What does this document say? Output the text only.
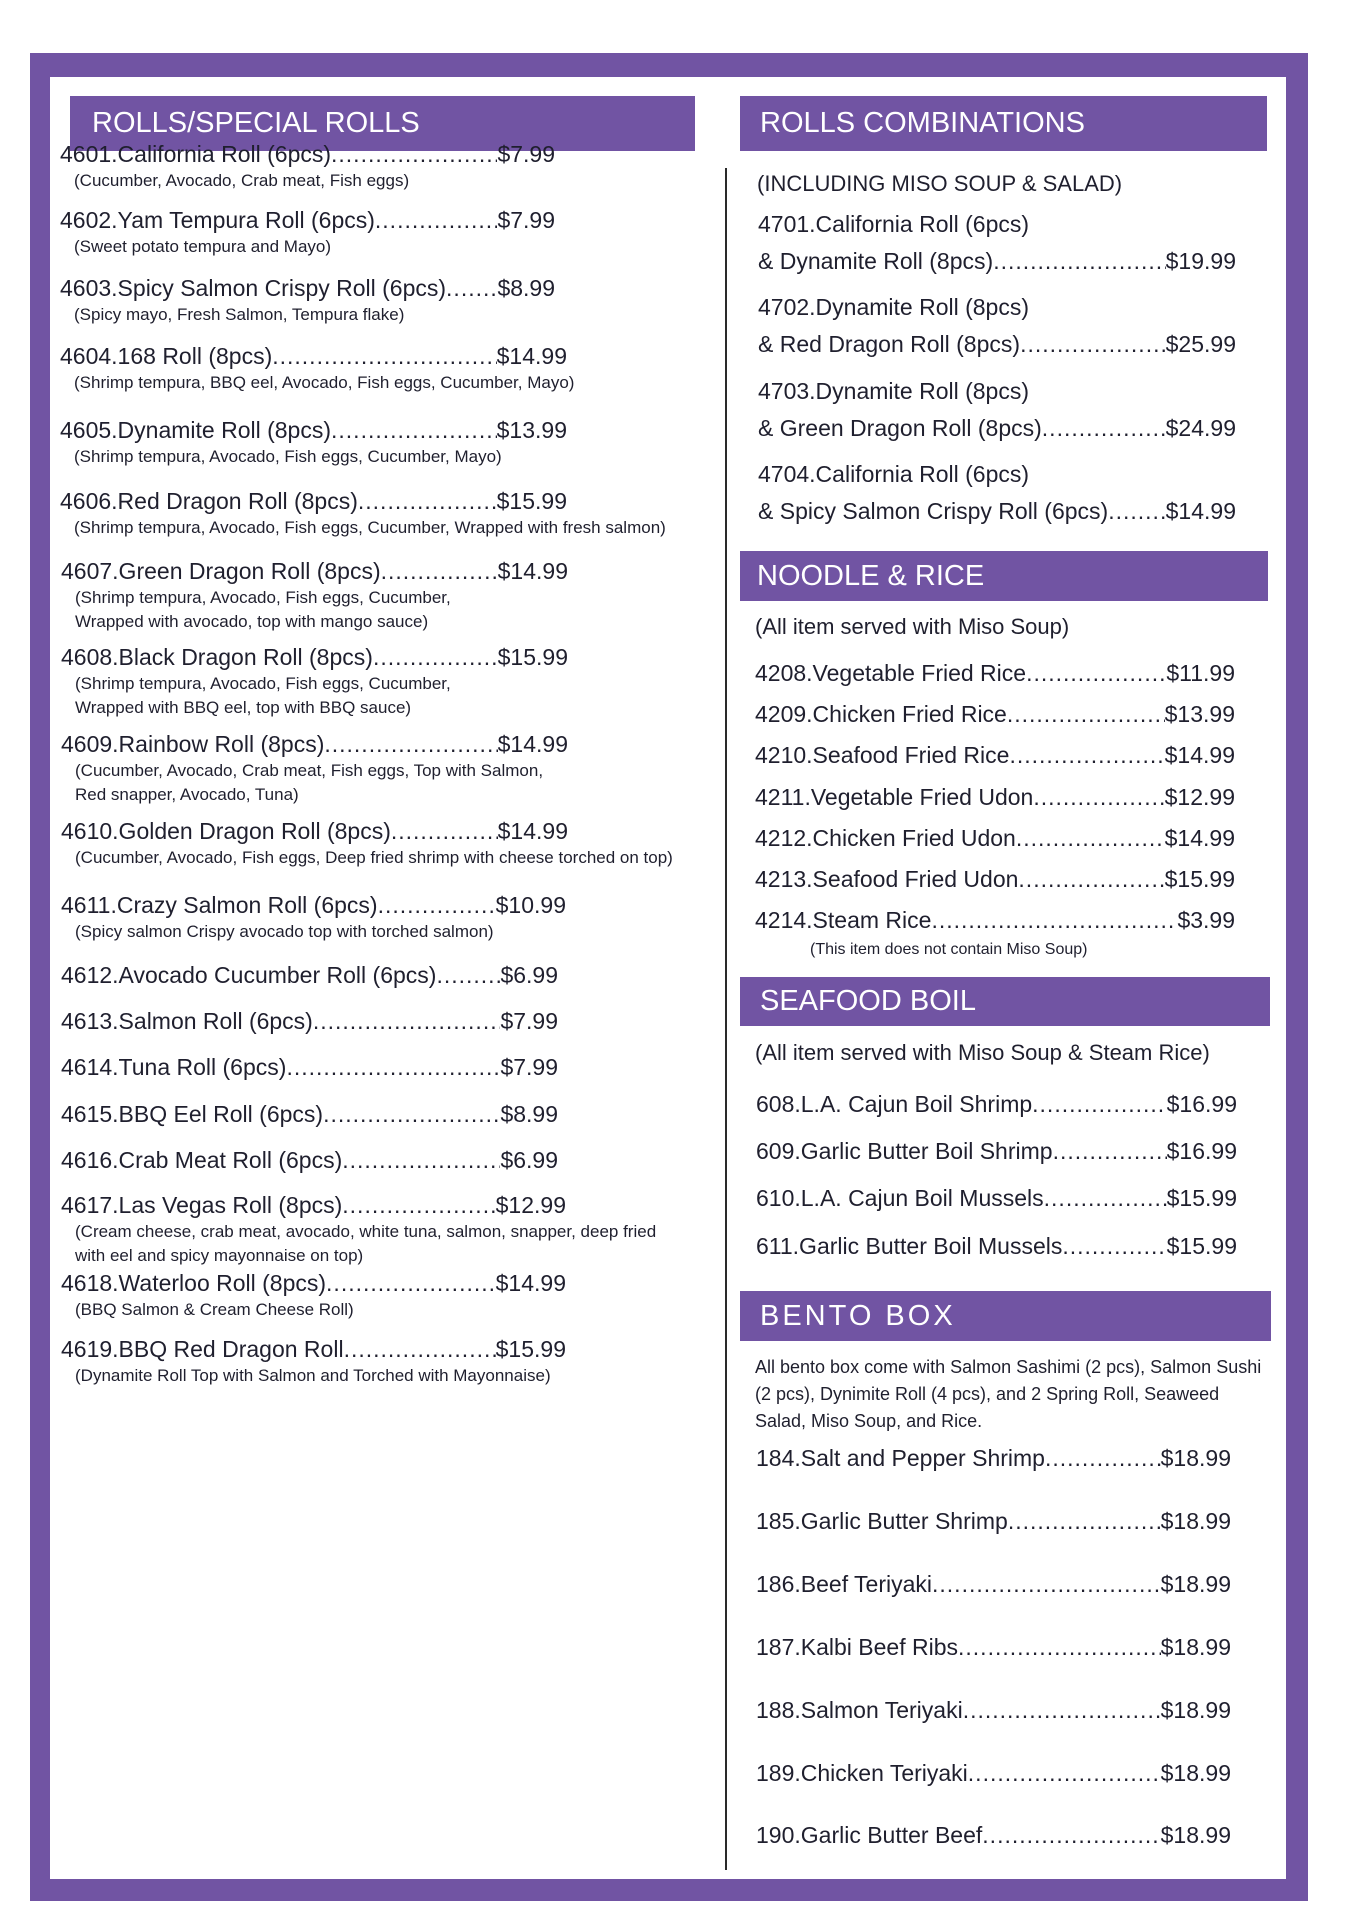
ROLLS/SPECIAL ROLLS	ROLLS COMBINATIONS
NOODLE & RICE
SEAFOOD BOIL
BENTO BOX
4601.California Roll (6pcs) .....	$7.99
(Cucumber, Avocado, Crab meat, Fish eggs)
4602.Yam Tempura Roll (6pcs) .....	$7.99
(Sweet potato tempura and Mayo)
4603.Spicy Salmon Crispy Roll (6pcs) ..... $8.99
(Spicy mayo, Fresh Salmon, Tempura flake)
4604.168 Roll (8pcs) .....	$14.99
(Shrimp tempura, BBQ eel, Avocado, Fish eggs, Cucumber, Mayo)
4605.Dynamite Roll (8pcs) .....	$13.99
(Shrimp tempura, Avocado, Fish eggs, Cucumber, Mayo)
4606.Red Dragon Roll (8pcs) .....	$15.99
(Shrimp tempura, Avocado, Fish eggs, Cucumber, Wrapped with fresh salmon)
4607.Green Dragon Roll (8pcs) .....	$14.99
(Shrimp tempura, Avocado, Fish eggs, Cucumber,
Wrapped with avocado, top with mango sauce)
4608.Black Dragon Roll (8pcs) .....	$15.99
(Shrimp tempura, Avocado, Fish eggs, Cucumber,
Wrapped with BBQ eel, top with BBQ sauce)
4609.Rainbow Roll (8pcs) .....	$14.99
(Cucumber, Avocado, Crab meat, Fish eggs, Top with Salmon,
Red snapper, Avocado, Tuna)
4610.Golden Dragon Roll (8pcs) .....	$14.99
(Cucumber, Avocado, Fish eggs, Deep fried shrimp with cheese torched on top)
4611.Crazy Salmon Roll (6pcs) .....	$10.99
(Spicy salmon Crispy avocado top with torched salmon)
4612.Avocado Cucumber Roll (6pcs) .....	$6.99
4613.Salmon Roll (6pcs) .....	$7.99
4614.Tuna Roll (6pcs) .....	$7.99
4615.BBQ Eel Roll (6pcs) .....	$8.99
4616.Crab Meat Roll (6pcs) .....	$6.99
4617.Las Vegas Roll (8pcs) .....	$12.99
(Cream cheese, crab meat, avocado, white tuna, salmon, snapper, deep fried
with eel and spicy mayonnaise on top)
4618.Waterloo Roll (8pcs) .....	$14.99
(BBQ Salmon & Cream Cheese Roll)
4619.BBQ Red Dragon Roll .....	$15.99
(Dynamite Roll Top with Salmon and Torched with Mayonnaise)
(INCLUDING MISO SOUP & SALAD)
4701.California Roll (6pcs)
& Dynamite Roll (8pcs) .....	$19.99
4702.Dynamite Roll (8pcs)
& Red Dragon Roll (8pcs) .....	$25.99
4703.Dynamite Roll (8pcs)
& Green Dragon Roll (8pcs) .....	$24.99
4704.California Roll (6pcs)
& Spicy Salmon Crispy Roll (6pcs) ..... $14.99
(All item served with Miso Soup)
4208.Vegetable Fried Rice .....	$11.99
4209.Chicken Fried Rice .....	$13.99
4210.Seafood Fried Rice .....	$14.99
4211.Vegetable Fried Udon .....	$12.99
4212.Chicken Fried Udon .....	$14.99
4213.Seafood Fried Udon .....	$15.99
4214.Steam Rice .....	$3.99
(This item does not contain Miso Soup)
(All item served with Miso Soup & Steam Rice)
608.L.A. Cajun Boil Shrimp .....	$16.99
609.Garlic Butter Boil Shrimp .....	$16.99
610.L.A. Cajun Boil Mussels .....	$15.99
611.Garlic Butter Boil Mussels .....	$15.99
All bento box come with Salmon Sashimi (2 pcs), Salmon Sushi (2 pcs), Dynimite Roll (4 pcs), and 2 Spring Roll, Seaweed Salad, Miso Soup, and Rice.
184.Salt and Pepper Shrimp .....	$18.99
185.Garlic Butter Shrimp .....	$18.99
186.Beef Teriyaki .....	$18.99
187.Kalbi Beef Ribs .....	$18.99
188.Salmon Teriyaki .....	$18.99
189.Chicken Teriyaki .....	$18.99
190.Garlic Butter Beef .....	$18.99
